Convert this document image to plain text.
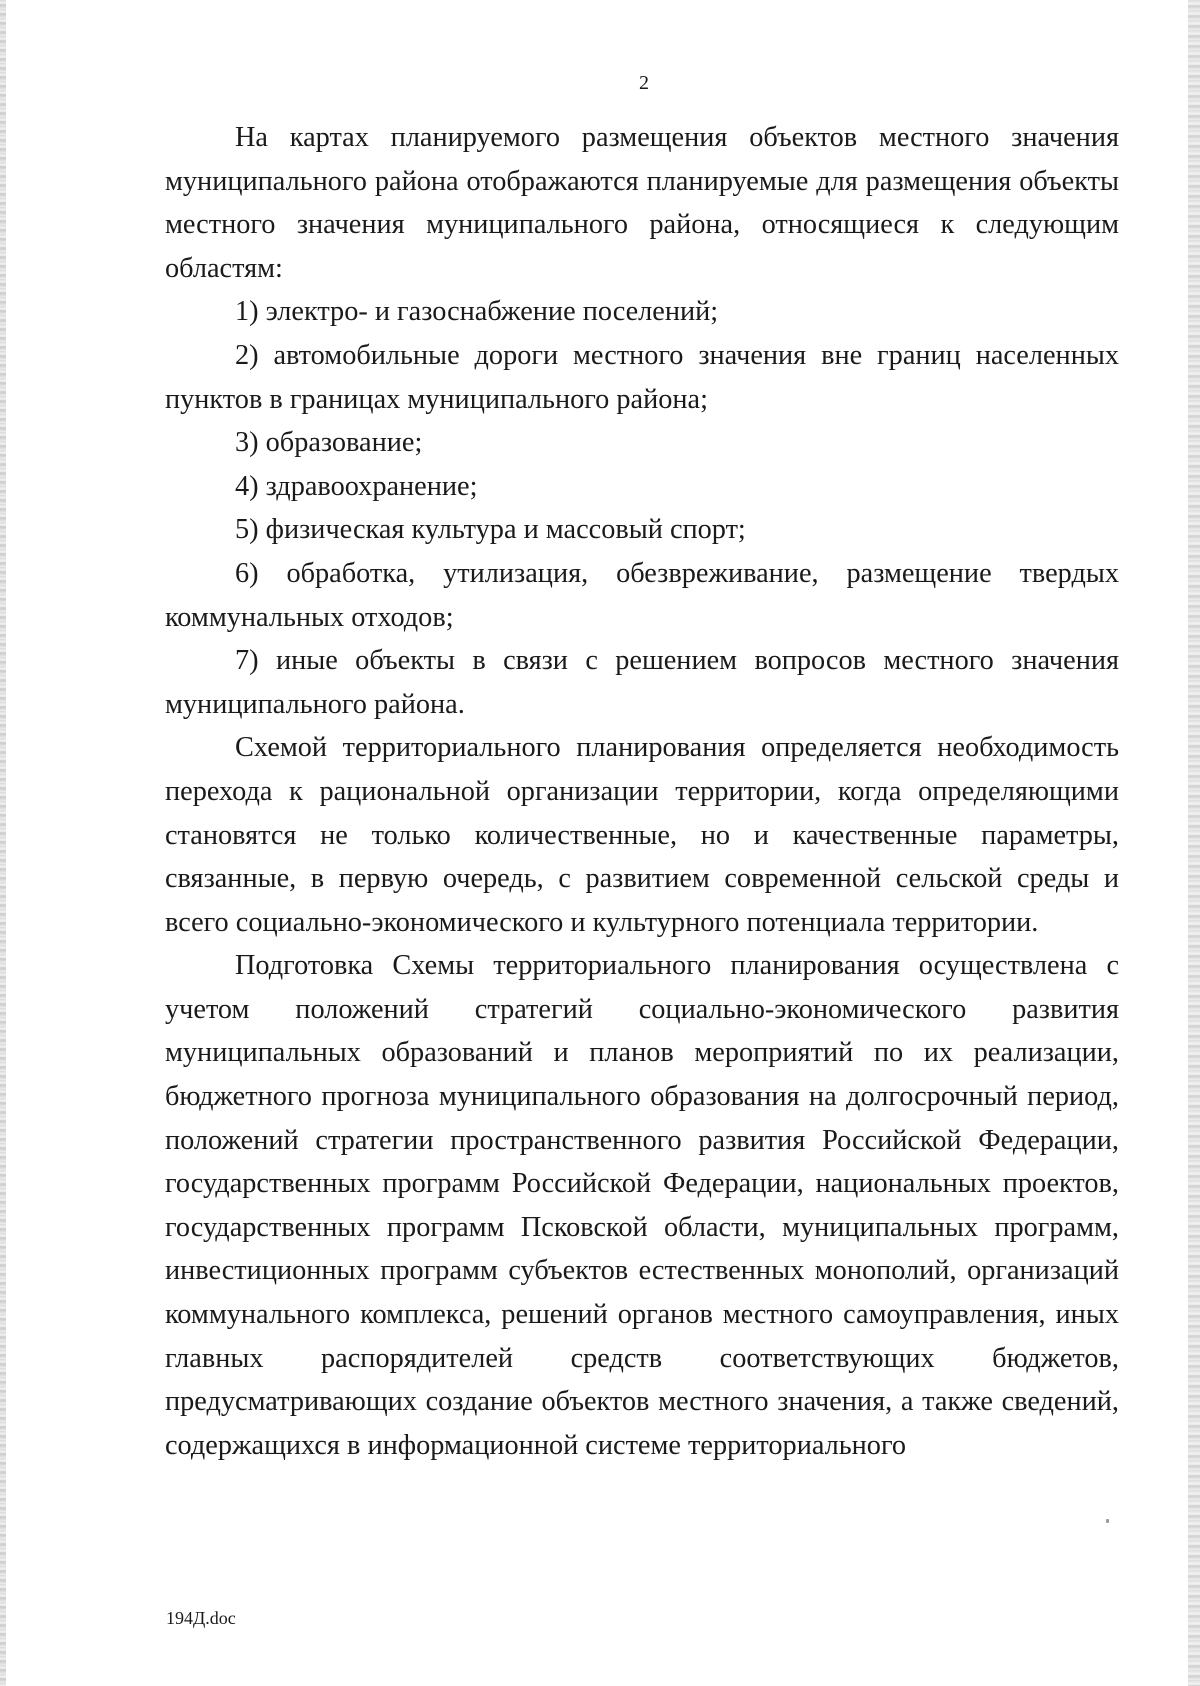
2

На картах планируемого размещения объектов местного значения муниципального района отображаются планируемые для размещения объекты местного значения муниципального района, относящиеся к следующим областям:

1) электро- и газоснабжение поселений;

2) автомобильные дороги местного значения вне границ населенных пунктов в границах муниципального района;

3) образование;

4) здравоохранение;

5) физическая культура и массовый спорт;

6) обработка, утилизация, обезвреживание, размещение твердых коммунальных отходов;

7) иные объекты в связи с решением вопросов местного значения муниципального района.

Схемой территориального планирования определяется необходимость перехода к рациональной организации территории, когда определяющими становятся не только количественные, но и качественные параметры, связанные, в первую очередь, с развитием современной сельской среды и всего социально-экономического и культурного потенциала территории.

Подготовка Схемы территориального планирования осуществлена с учетом положений стратегий социально-экономического развития муниципальных образований и планов мероприятий по их реализации, бюджетного прогноза муниципального образования на долгосрочный период, положений стратегии пространственного развития Российской Федерации, государственных программ Российской Федерации, национальных проектов, государственных программ Псковской области, муниципальных программ, инвестиционных программ субъектов естественных монополий, организаций коммунального комплекса, решений органов местного самоуправления, иных главных распорядителей средств соответствующих бюджетов, предусматривающих создание объектов местного значения, а также сведений, содержащихся в информационной системе территориального

194Д.doc
